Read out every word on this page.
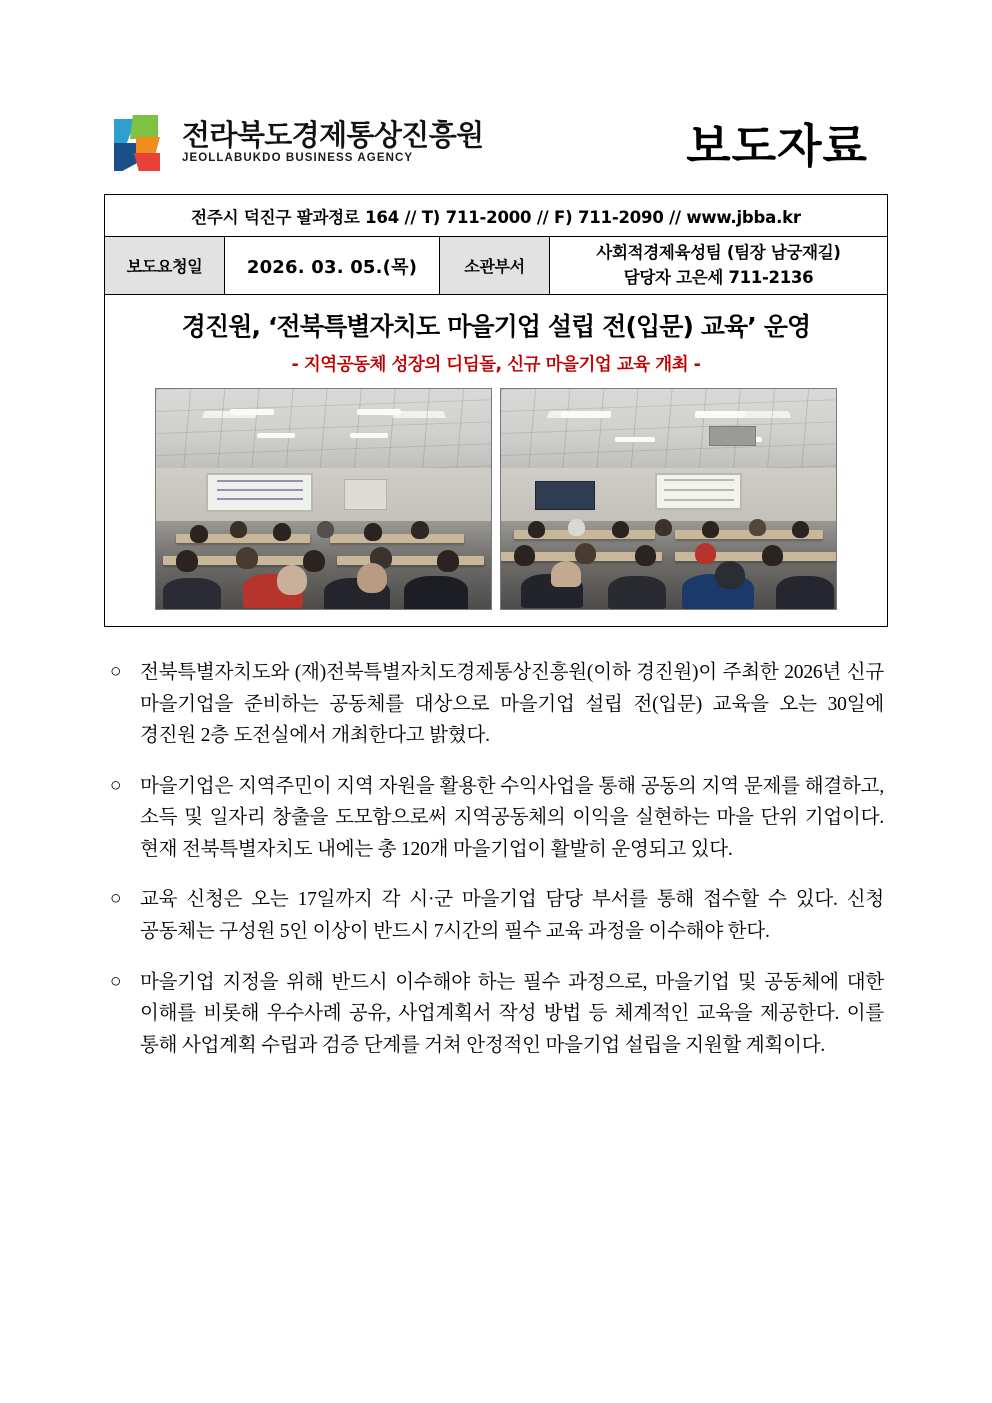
전라북도경제통상진흥원
JEOLLABUKDO BUSINESS AGENCY	보도자료
전주시 덕진구 팔과정로 164 // T) 711-2000 // F) 711-2090 // www.jbba.kr
보도요청일	2026. 03. 05.(목)	소관부서	
사회적경제육성팀 (팀장 남궁재길)
담당자 고은세 711-2136
경진원, ‘전북특별자치도 마을기업 설립 전(입문) 교육’ 운영
- 지역공동체 성장의 디딤돌, 신규 마을기업 교육 개최 -
○ 전북특별자치도와 (재)전북특별자치도경제통상진흥원(이하 경진원)이 주최한 2026년 신규 마을기업을 준비하는 공동체를 대상으로 마을기업 설립 전(입문) 교육을 오는 30일에 경진원 2층 도전실에서 개최한다고 밝혔다.
○ 마을기업은 지역주민이 지역 자원을 활용한 수익사업을 통해 공동의 지역 문제를 해결하고, 소득 및 일자리 창출을 도모함으로써 지역공동체의 이익을 실현하는 마을 단위 기업이다. 현재 전북특별자치도 내에는 총 120개 마을기업이 활발히 운영되고 있다.
○ 교육 신청은 오는 17일까지 각 시·군 마을기업 담당 부서를 통해 접수할 수 있다. 신청 공동체는 구성원 5인 이상이 반드시 7시간의 필수 교육 과정을 이수해야 한다.
○ 마을기업 지정을 위해 반드시 이수해야 하는 필수 과정으로, 마을기업 및 공동체에 대한 이해를 비롯해 우수사례 공유, 사업계획서 작성 방법 등 체계적인 교육을 제공한다. 이를 통해 사업계획 수립과 검증 단계를 거쳐 안정적인 마을기업 설립을 지원할 계획이다.
